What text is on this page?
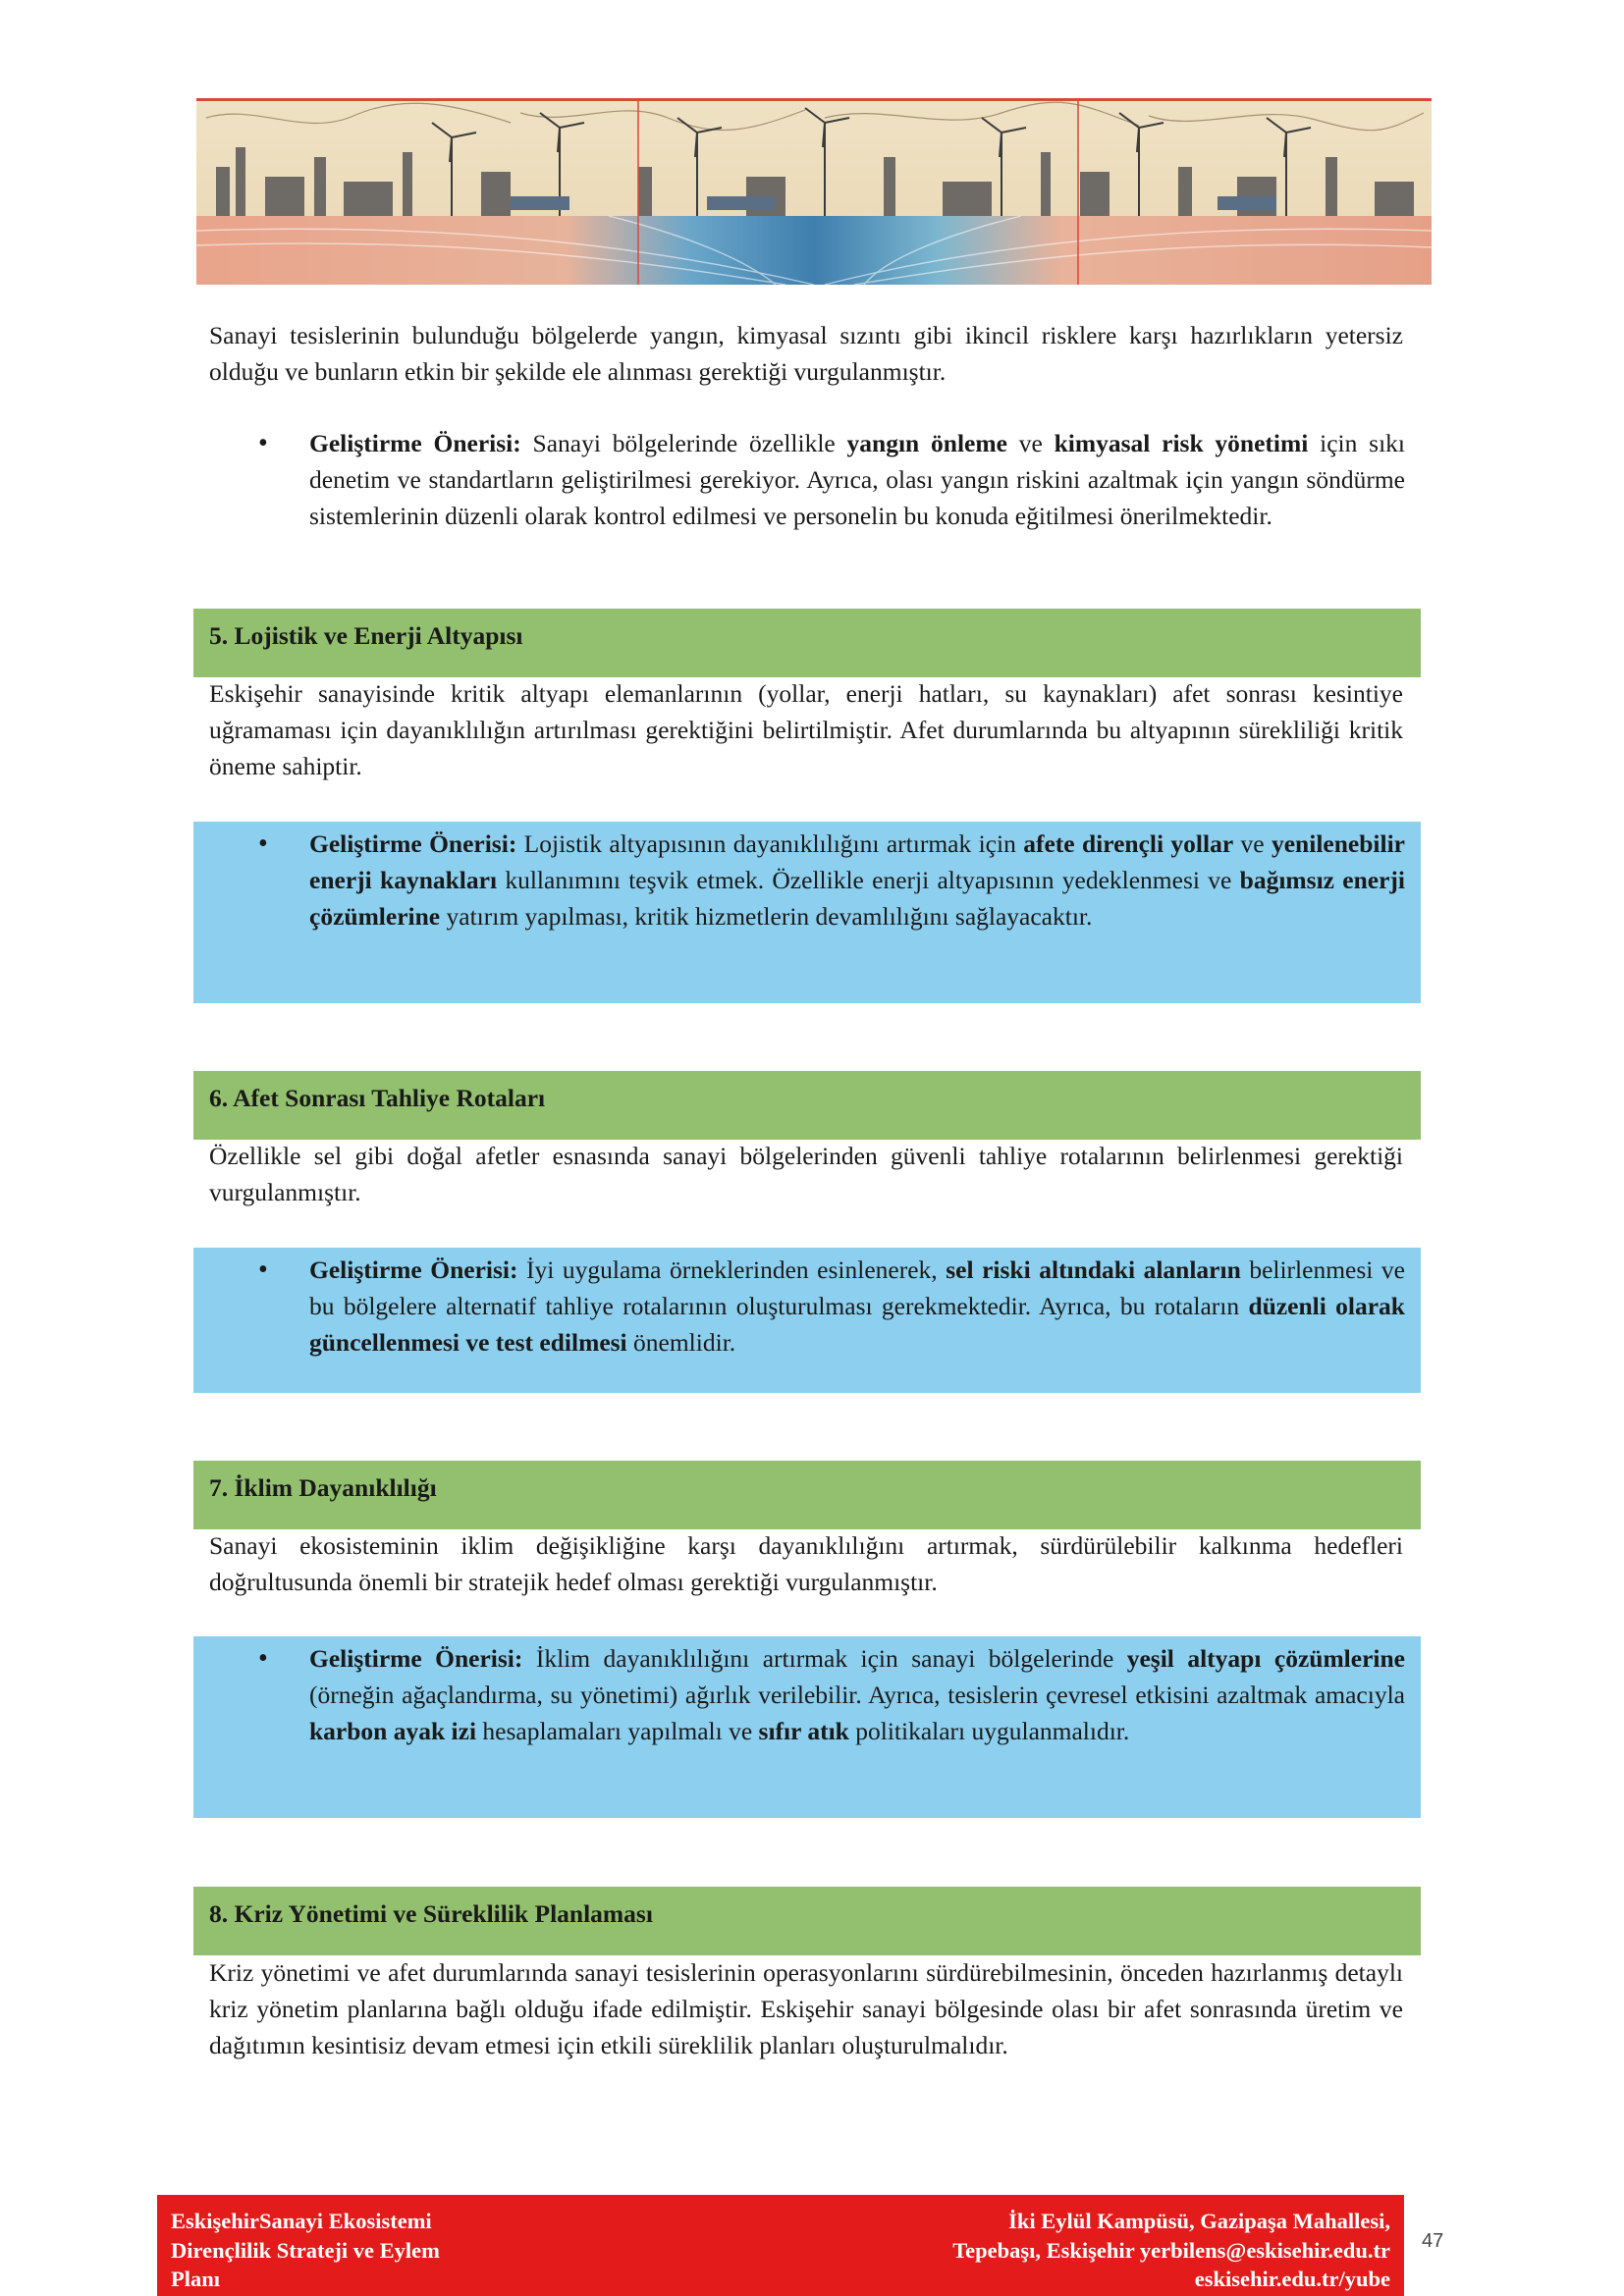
Sanayi tesislerinin bulunduğu bölgelerde yangın, kimyasal sızıntı gibi ikincil risklere karşı hazırlıkların yetersiz olduğu ve bunların etkin bir şekilde ele alınması gerektiği vurgulanmıştır.

• Geliştirme Önerisi: Sanayi bölgelerinde özellikle yangın önleme ve kimyasal risk yönetimi için sıkı denetim ve standartların geliştirilmesi gerekiyor. Ayrıca, olası yangın riskini azaltmak için yangın söndürme sistemlerinin düzenli olarak kontrol edilmesi ve personelin bu konuda eğitilmesi önerilmektedir.
5. Lojistik ve Enerji Altyapısı

Eskişehir sanayisinde kritik altyapı elemanlarının (yollar, enerji hatları, su kaynakları) afet sonrası kesintiye uğramaması için dayanıklılığın artırılması gerektiğini belirtilmiştir. Afet durumlarında bu altyapının sürekliliği kritik öneme sahiptir.

• Geliştirme Önerisi: Lojistik altyapısının dayanıklılığını artırmak için afete dirençli yollar ve yenilenebilir enerji kaynakları kullanımını teşvik etmek. Özellikle enerji altyapısının yedeklenmesi ve bağımsız enerji çözümlerine yatırım yapılması, kritik hizmetlerin devamlılığını sağlayacaktır.
6. Afet Sonrası Tahliye Rotaları

Özellikle sel gibi doğal afetler esnasında sanayi bölgelerinden güvenli tahliye rotalarının belirlenmesi gerektiği vurgulanmıştır.

• Geliştirme Önerisi: İyi uygulama örneklerinden esinlenerek, sel riski altındaki alanların belirlenmesi ve bu bölgelere alternatif tahliye rotalarının oluşturulması gerekmektedir. Ayrıca, bu rotaların düzenli olarak güncellenmesi ve test edilmesi önemlidir.
7. İklim Dayanıklılığı

Sanayi ekosisteminin iklim değişikliğine karşı dayanıklılığını artırmak, sürdürülebilir kalkınma hedefleri doğrultusunda önemli bir stratejik hedef olması gerektiği vurgulanmıştır.

• Geliştirme Önerisi: İklim dayanıklılığını artırmak için sanayi bölgelerinde yeşil altyapı çözümlerine (örneğin ağaçlandırma, su yönetimi) ağırlık verilebilir. Ayrıca, tesislerin çevresel etkisini azaltmak amacıyla karbon ayak izi hesaplamaları yapılmalı ve sıfır atık politikaları uygulanmalıdır.
8. Kriz Yönetimi ve Süreklilik Planlaması

Kriz yönetimi ve afet durumlarında sanayi tesislerinin operasyonlarını sürdürebilmesinin, önceden hazırlanmış detaylı kriz yönetim planlarına bağlı olduğu ifade edilmiştir. Eskişehir sanayi bölgesinde olası bir afet sonrasında üretim ve dağıtımın kesintisiz devam etmesi için etkili süreklilik planları oluşturulmalıdır.

EskişehirSanayi Ekosistemi
Dirençlilik Strateji ve Eylem
Planı
İki Eylül Kampüsü, Gazipaşa Mahallesi,
Tepebaşı, Eskişehir yerbilens@eskisehir.edu.tr
eskisehir.edu.tr/yube
47
